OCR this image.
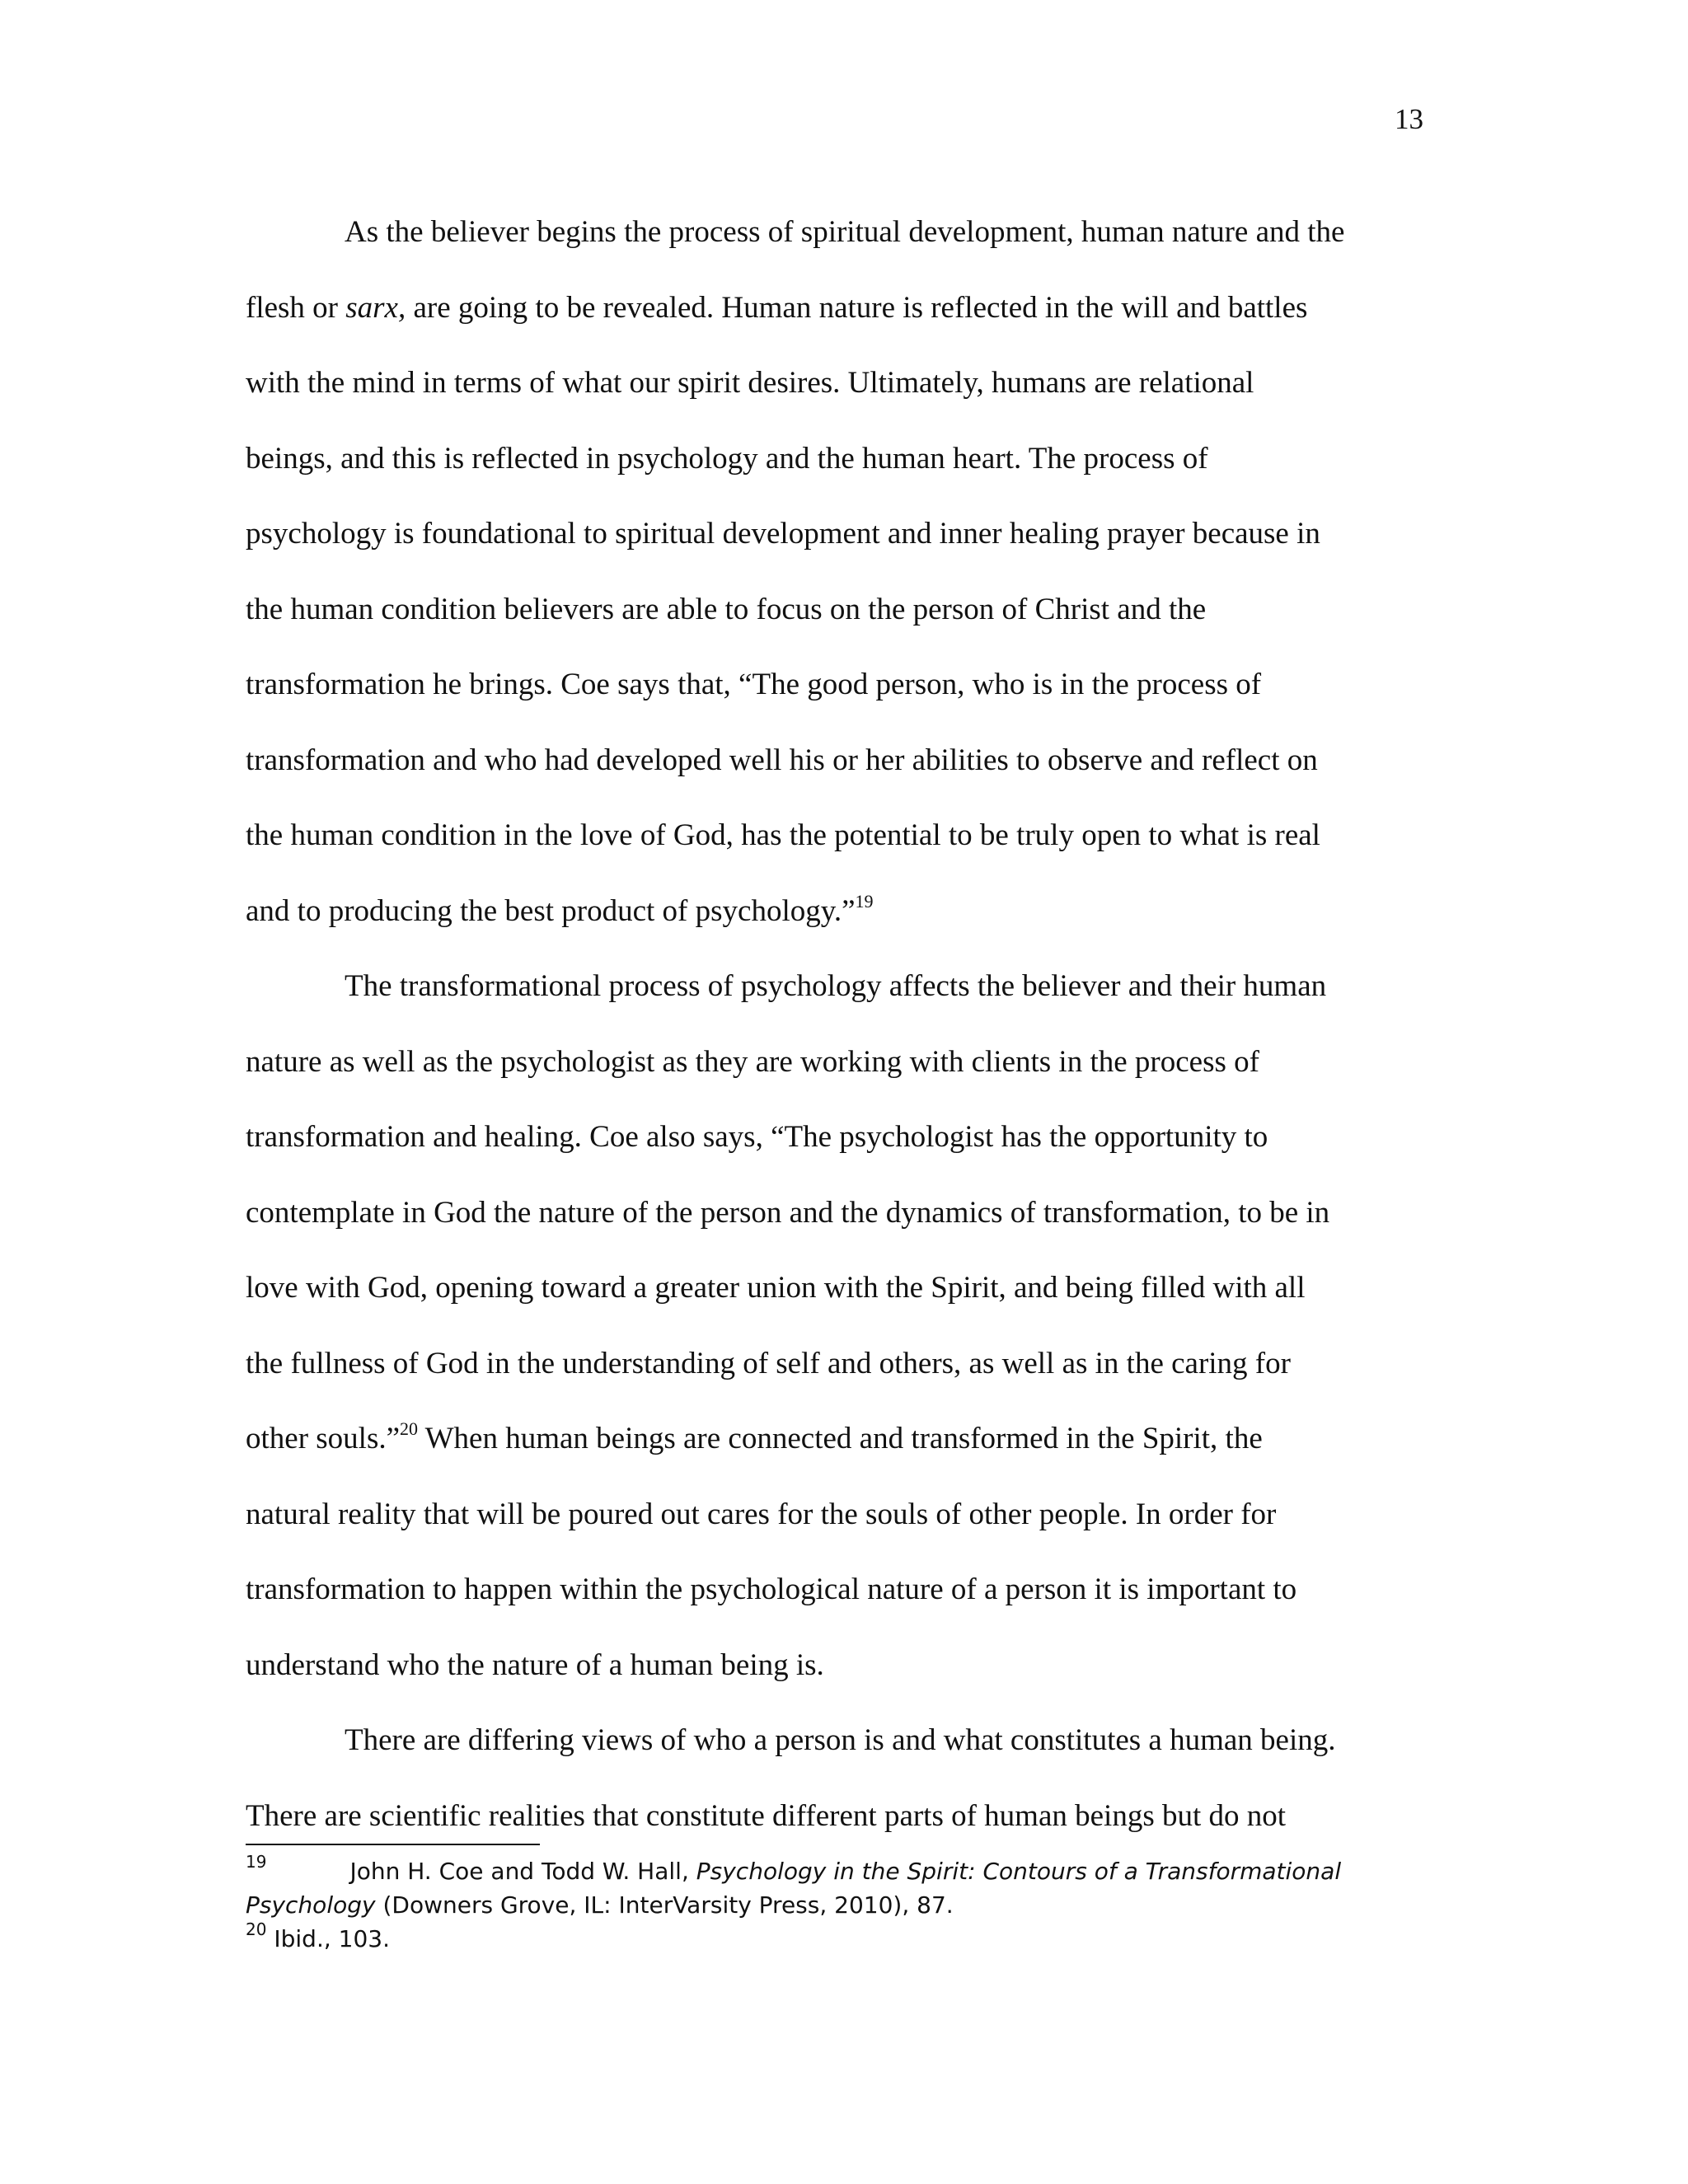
13
As the believer begins the process of spiritual development, human nature and the
flesh or sarx, are going to be revealed. Human nature is reflected in the will and battles
with the mind in terms of what our spirit desires. Ultimately, humans are relational
beings, and this is reflected in psychology and the human heart. The process of
psychology is foundational to spiritual development and inner healing prayer because in
the human condition believers are able to focus on the person of Christ and the
transformation he brings. Coe says that, “The good person, who is in the process of
transformation and who had developed well his or her abilities to observe and reflect on
the human condition in the love of God, has the potential to be truly open to what is real
and to producing the best product of psychology.”$^{19}$
The transformational process of psychology affects the believer and their human
nature as well as the psychologist as they are working with clients in the process of
transformation and healing. Coe also says, “The psychologist has the opportunity to
contemplate in God the nature of the person and the dynamics of transformation, to be in
love with God, opening toward a greater union with the Spirit, and being filled with all
the fullness of God in the understanding of self and others, as well as in the caring for
other souls.”$^{20}$ When human beings are connected and transformed in the Spirit, the
natural reality that will be poured out cares for the souls of other people. In order for
transformation to happen within the psychological nature of a person it is important to
understand who the nature of a human being is.
There are differing views of who a person is and what constitutes a human being.
There are scientific realities that constitute different parts of human beings but do not
$^{19}$	John H. Coe and Todd W. Hall, Psychology in the Spirit: Contours of a Transformational
Psychology (Downers Grove, IL: InterVarsity Press, 2010), 87.
$^{20}$ Ibid., 103.
